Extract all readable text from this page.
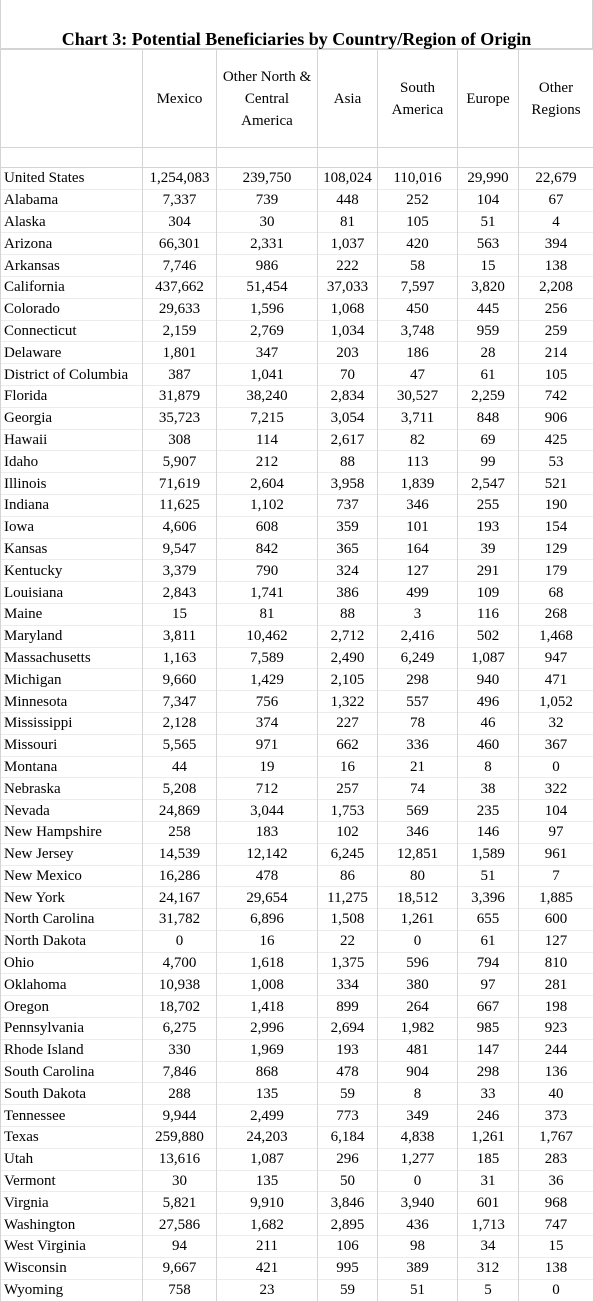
Chart 3: Potential Beneficiaries by Country/Region of Origin
	Mexico	Other North & Central America	Asia	South America	Europe	Other Regions

United States	1,254,083	239,750	108,024	110,016	29,990	22,679
Alabama	7,337	739	448	252	104	67
Alaska	304	30	81	105	51	4
Arizona	66,301	2,331	1,037	420	563	394
Arkansas	7,746	986	222	58	15	138
California	437,662	51,454	37,033	7,597	3,820	2,208
Colorado	29,633	1,596	1,068	450	445	256
Connecticut	2,159	2,769	1,034	3,748	959	259
Delaware	1,801	347	203	186	28	214
District of Columbia	387	1,041	70	47	61	105
Florida	31,879	38,240	2,834	30,527	2,259	742
Georgia	35,723	7,215	3,054	3,711	848	906
Hawaii	308	114	2,617	82	69	425
Idaho	5,907	212	88	113	99	53
Illinois	71,619	2,604	3,958	1,839	2,547	521
Indiana	11,625	1,102	737	346	255	190
Iowa	4,606	608	359	101	193	154
Kansas	9,547	842	365	164	39	129
Kentucky	3,379	790	324	127	291	179
Louisiana	2,843	1,741	386	499	109	68
Maine	15	81	88	3	116	268
Maryland	3,811	10,462	2,712	2,416	502	1,468
Massachusetts	1,163	7,589	2,490	6,249	1,087	947
Michigan	9,660	1,429	2,105	298	940	471
Minnesota	7,347	756	1,322	557	496	1,052
Mississippi	2,128	374	227	78	46	32
Missouri	5,565	971	662	336	460	367
Montana	44	19	16	21	8	0
Nebraska	5,208	712	257	74	38	322
Nevada	24,869	3,044	1,753	569	235	104
New Hampshire	258	183	102	346	146	97
New Jersey	14,539	12,142	6,245	12,851	1,589	961
New Mexico	16,286	478	86	80	51	7
New York	24,167	29,654	11,275	18,512	3,396	1,885
North Carolina	31,782	6,896	1,508	1,261	655	600
North Dakota	0	16	22	0	61	127
Ohio	4,700	1,618	1,375	596	794	810
Oklahoma	10,938	1,008	334	380	97	281
Oregon	18,702	1,418	899	264	667	198
Pennsylvania	6,275	2,996	2,694	1,982	985	923
Rhode Island	330	1,969	193	481	147	244
South Carolina	7,846	868	478	904	298	136
South Dakota	288	135	59	8	33	40
Tennessee	9,944	2,499	773	349	246	373
Texas	259,880	24,203	6,184	4,838	1,261	1,767
Utah	13,616	1,087	296	1,277	185	283
Vermont	30	135	50	0	31	36
Virgnia	5,821	9,910	3,846	3,940	601	968
Washington	27,586	1,682	2,895	436	1,713	747
West Virginia	94	211	106	98	34	15
Wisconsin	9,667	421	995	389	312	138
Wyoming	758	23	59	51	5	0
